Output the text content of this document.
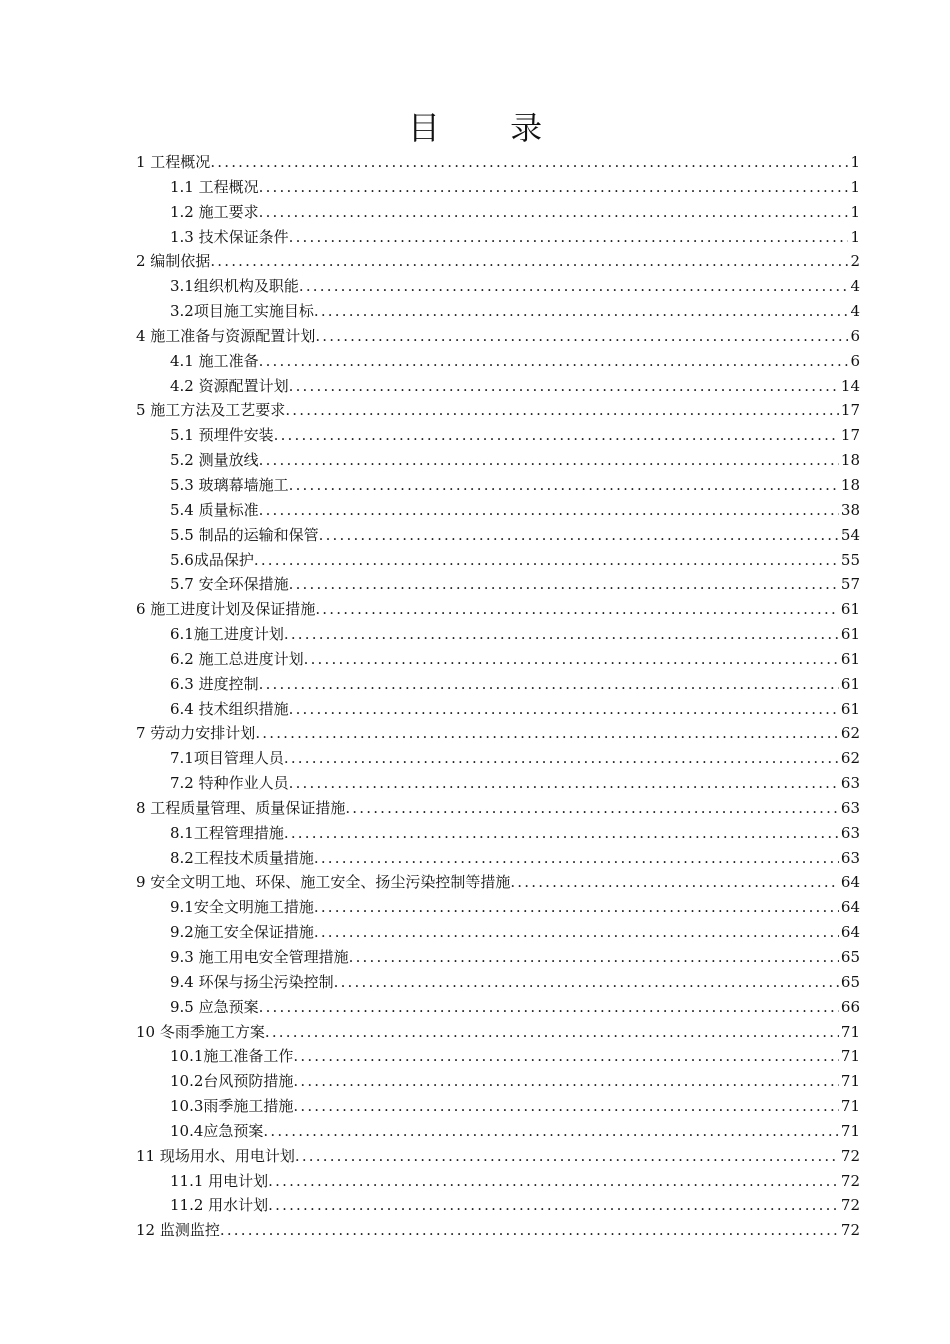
目 录
1 工程概况 .....	1
1.1 工程概况 .....	1
1.2 施工要求 .....	1
1.3 技术保证条件 .....	1
2 编制依据 .....	2
3.1组织机构及职能 .....	4
3.2项目施工实施目标 .....	4
4 施工准备与资源配置计划 .....	6
4.1 施工准备 .....	6
4.2 资源配置计划 .....	14
5 施工方法及工艺要求 .....	17
5.1 预埋件安装 .....	17
5.2 测量放线 .....	18
5.3 玻璃幕墙施工 .....	18
5.4 质量标准 .....	38
5.5 制品的运输和保管 .....	54
5.6成品保护 .....	55
5.7 安全环保措施 .....	57
6 施工进度计划及保证措施 .....	61
6.1施工进度计划 .....	61
6.2 施工总进度计划 .....	61
6.3 进度控制 .....	61
6.4 技术组织措施 .....	61
7 劳动力安排计划 .....	62
7.1项目管理人员 .....	62
7.2 特种作业人员 .....	63
8 工程质量管理、质量保证措施 .....	63
8.1工程管理措施 .....	63
8.2工程技术质量措施 .....	63
9 安全文明工地、环保、施工安全、扬尘污染控制等措施 .....	64
9.1安全文明施工措施 .....	64
9.2施工安全保证措施 .....	64
9.3 施工用电安全管理措施 .....	65
9.4 环保与扬尘污染控制 .....	65
9.5 应急预案 .....	66
10 冬雨季施工方案 .....	71
10.1施工准备工作 .....	71
10.2台风预防措施 .....	71
10.3雨季施工措施 .....	71
10.4应急预案 .....	71
11 现场用水、用电计划 .....	72
11.1 用电计划 .....	72
11.2 用水计划 .....	72
12 监测监控 .....	72
